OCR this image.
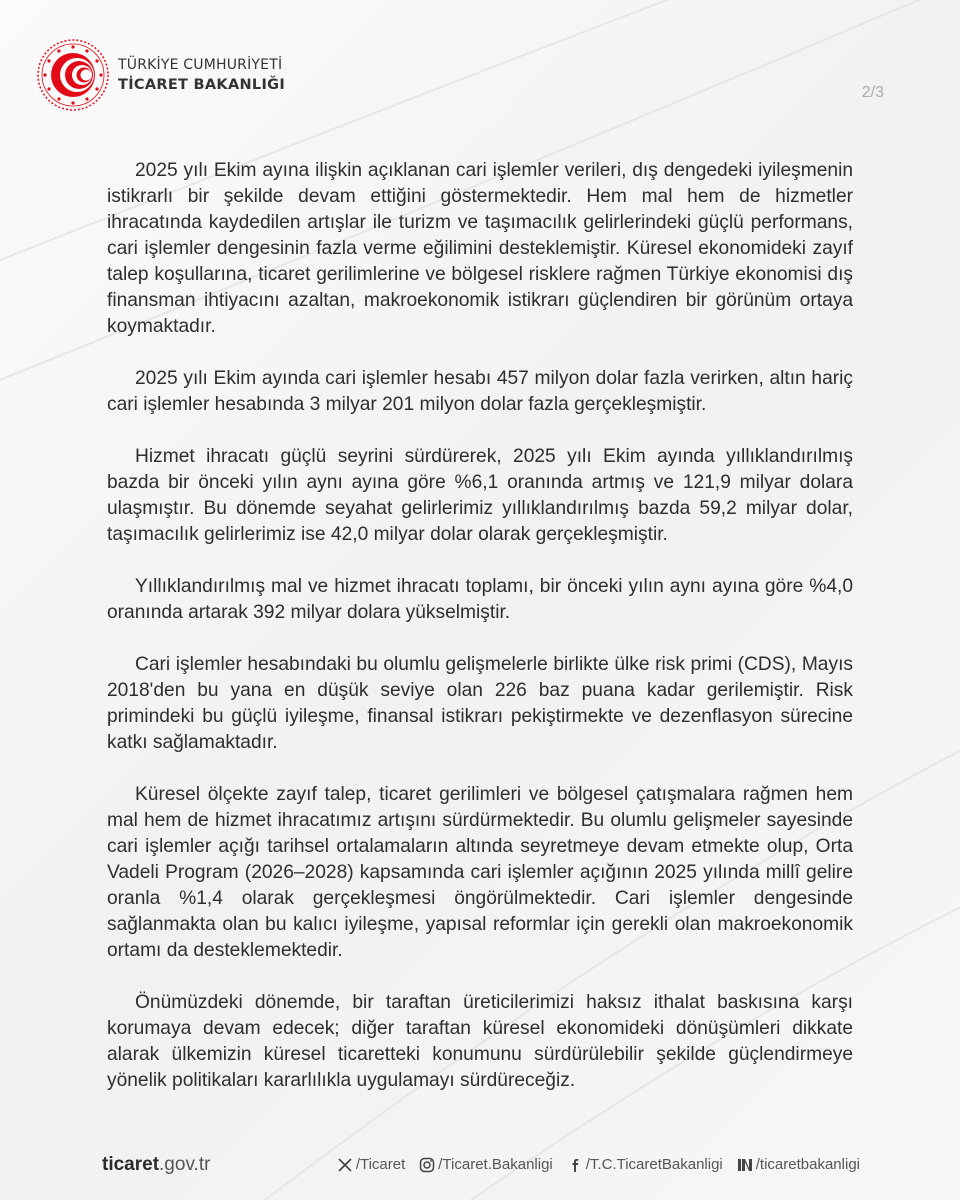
TÜRKİYE CUMHURİYETİ
TİCARET BAKANLIĞI	2/3

2025 yılı Ekim ayına ilişkin açıklanan cari işlemler verileri, dış dengedeki iyileşmenin istikrarlı bir şekilde devam ettiğini göstermektedir. Hem mal hem de hizmetler ihracatında kaydedilen artışlar ile turizm ve taşımacılık gelirlerindeki güçlü performans, cari işlemler dengesinin fazla verme eğilimini desteklemiştir. Küresel ekonomideki zayıf talep koşullarına, ticaret gerilimlerine ve bölgesel risklere rağmen Türkiye ekonomisi dış finansman ihtiyacını azaltan, makroekonomik istikrarı güçlendiren bir görünüm ortaya koymaktadır.

2025 yılı Ekim ayında cari işlemler hesabı 457 milyon dolar fazla verirken, altın hariç cari işlemler hesabında 3 milyar 201 milyon dolar fazla gerçekleşmiştir.

Hizmet ihracatı güçlü seyrini sürdürerek, 2025 yılı Ekim ayında yıllıklandırılmış bazda bir önceki yılın aynı ayına göre %6,1 oranında artmış ve 121,9 milyar dolara ulaşmıştır. Bu dönemde seyahat gelirlerimiz yıllıklandırılmış bazda 59,2 milyar dolar, taşımacılık gelirlerimiz ise 42,0 milyar dolar olarak gerçekleşmiştir.

Yıllıklandırılmış mal ve hizmet ihracatı toplamı, bir önceki yılın aynı ayına göre %4,0 oranında artarak 392 milyar dolara yükselmiştir.

Cari işlemler hesabındaki bu olumlu gelişmelerle birlikte ülke risk primi (CDS), Mayıs 2018'den bu yana en düşük seviye olan 226 baz puana kadar gerilemiştir. Risk primindeki bu güçlü iyileşme, finansal istikrarı pekiştirmekte ve dezenflasyon sürecine katkı sağlamaktadır.

Küresel ölçekte zayıf talep, ticaret gerilimleri ve bölgesel çatışmalara rağmen hem mal hem de hizmet ihracatımız artışını sürdürmektedir. Bu olumlu gelişmeler sayesinde cari işlemler açığı tarihsel ortalamaların altında seyretmeye devam etmekte olup, Orta Vadeli Program (2026–2028) kapsamında cari işlemler açığının 2025 yılında millî gelire oranla %1,4 olarak gerçekleşmesi öngörülmektedir. Cari işlemler dengesinde sağlanmakta olan bu kalıcı iyileşme, yapısal reformlar için gerekli olan makroekonomik ortamı da desteklemektedir.

Önümüzdeki dönemde, bir taraftan üreticilerimizi haksız ithalat baskısına karşı korumaya devam edecek; diğer taraftan küresel ekonomideki dönüşümleri dikkate alarak ülkemizin küresel ticaretteki konumunu sürdürülebilir şekilde güçlendirmeye yönelik politikaları kararlılıkla uygulamayı sürdüreceğiz.

ticaret.gov.tr	/Ticaret /Ticaret.Bakanligi /T.C.TicaretBakanligi /ticaretbakanligi
